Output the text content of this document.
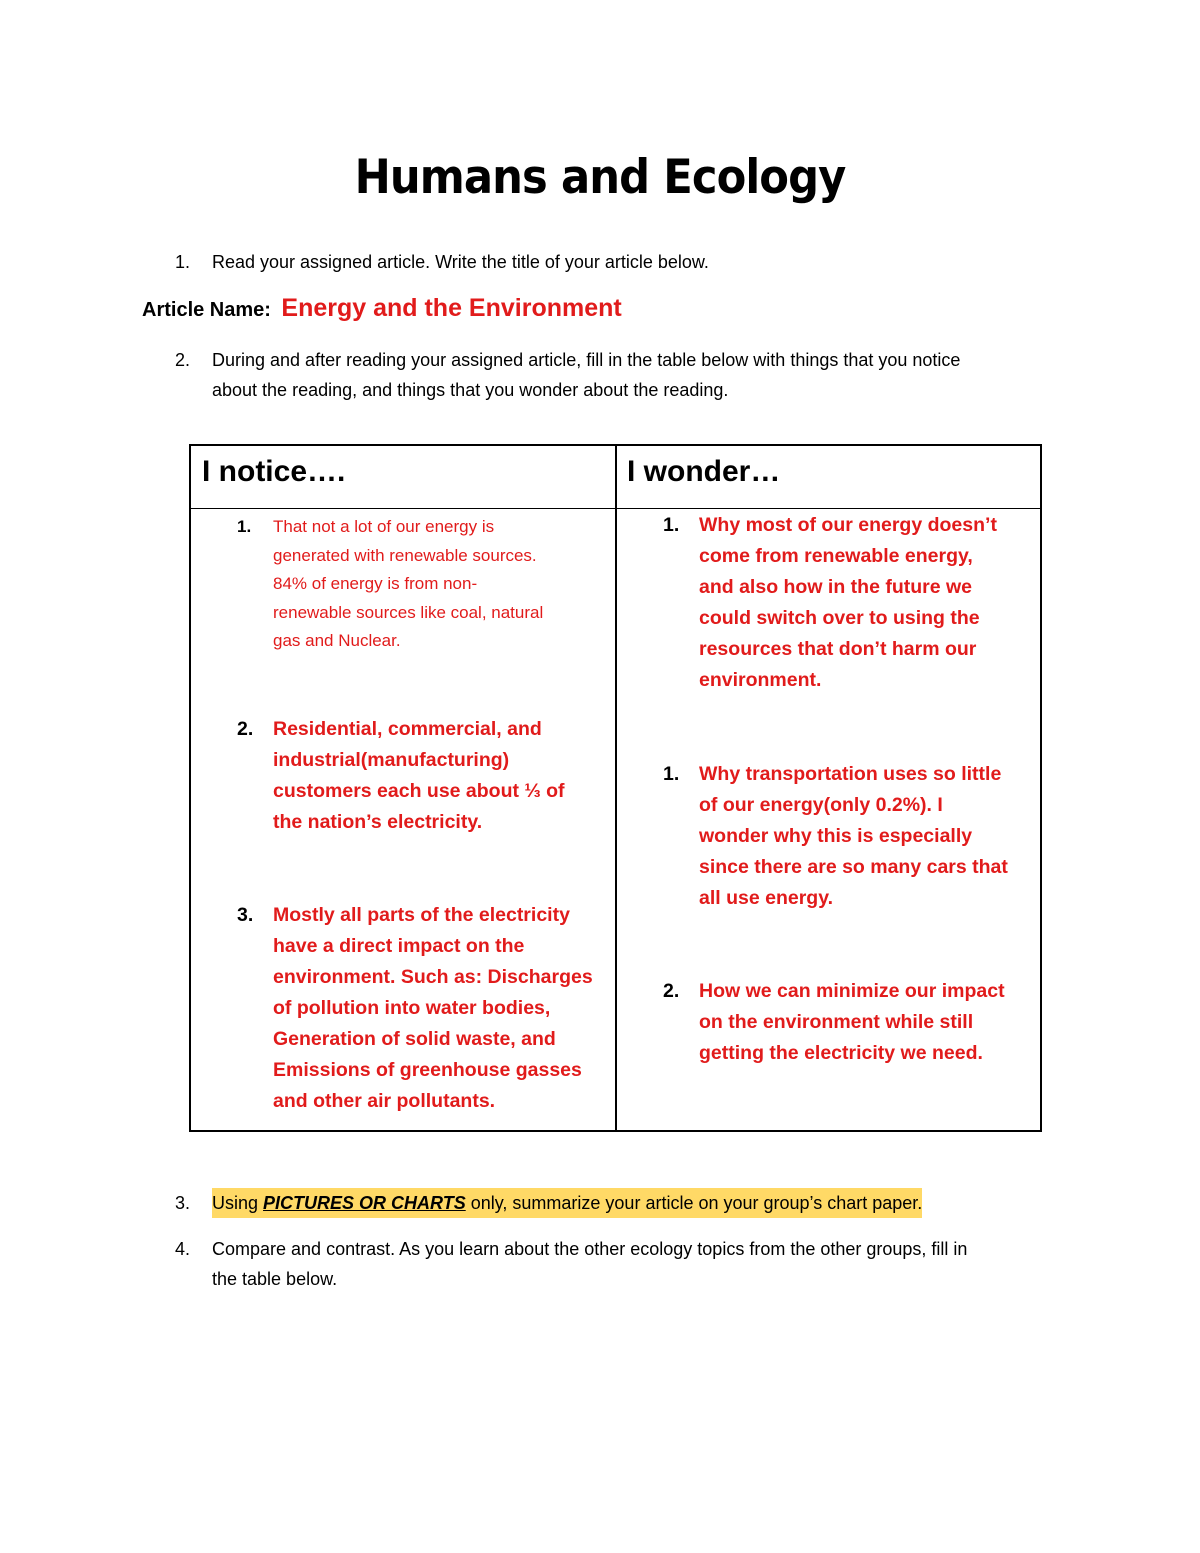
Humans and Ecology
1. Read your assigned article. Write the title of your article below.
Article Name: Energy and the Environment
2. During and after reading your assigned article, fill in the table below with things that you notice
about the reading, and things that you wonder about the reading.
I notice….	I wonder…
1. That not a lot of our energy is
generated with renewable sources.
84% of energy is from non-
renewable sources like coal, natural
gas and Nuclear.
2. Residential, commercial, and
industrial(manufacturing)
customers each use about ⅓ of
the nation’s electricity.
3. Mostly all parts of the electricity
have a direct impact on the
environment. Such as: Discharges
of pollution into water bodies,
Generation of solid waste, and
Emissions of greenhouse gasses
and other air pollutants.
1. Why most of our energy doesn’t
come from renewable energy,
and also how in the future we
could switch over to using the
resources that don’t harm our
environment.
1. Why transportation uses so little
of our energy(only 0.2%). I
wonder why this is especially
since there are so many cars that
all use energy.
2. How we can minimize our impact
on the environment while still
getting the electricity we need.
3. Using PICTURES OR CHARTS only, summarize your article on your group’s chart paper.
4. Compare and contrast. As you learn about the other ecology topics from the other groups, fill in
the table below.
